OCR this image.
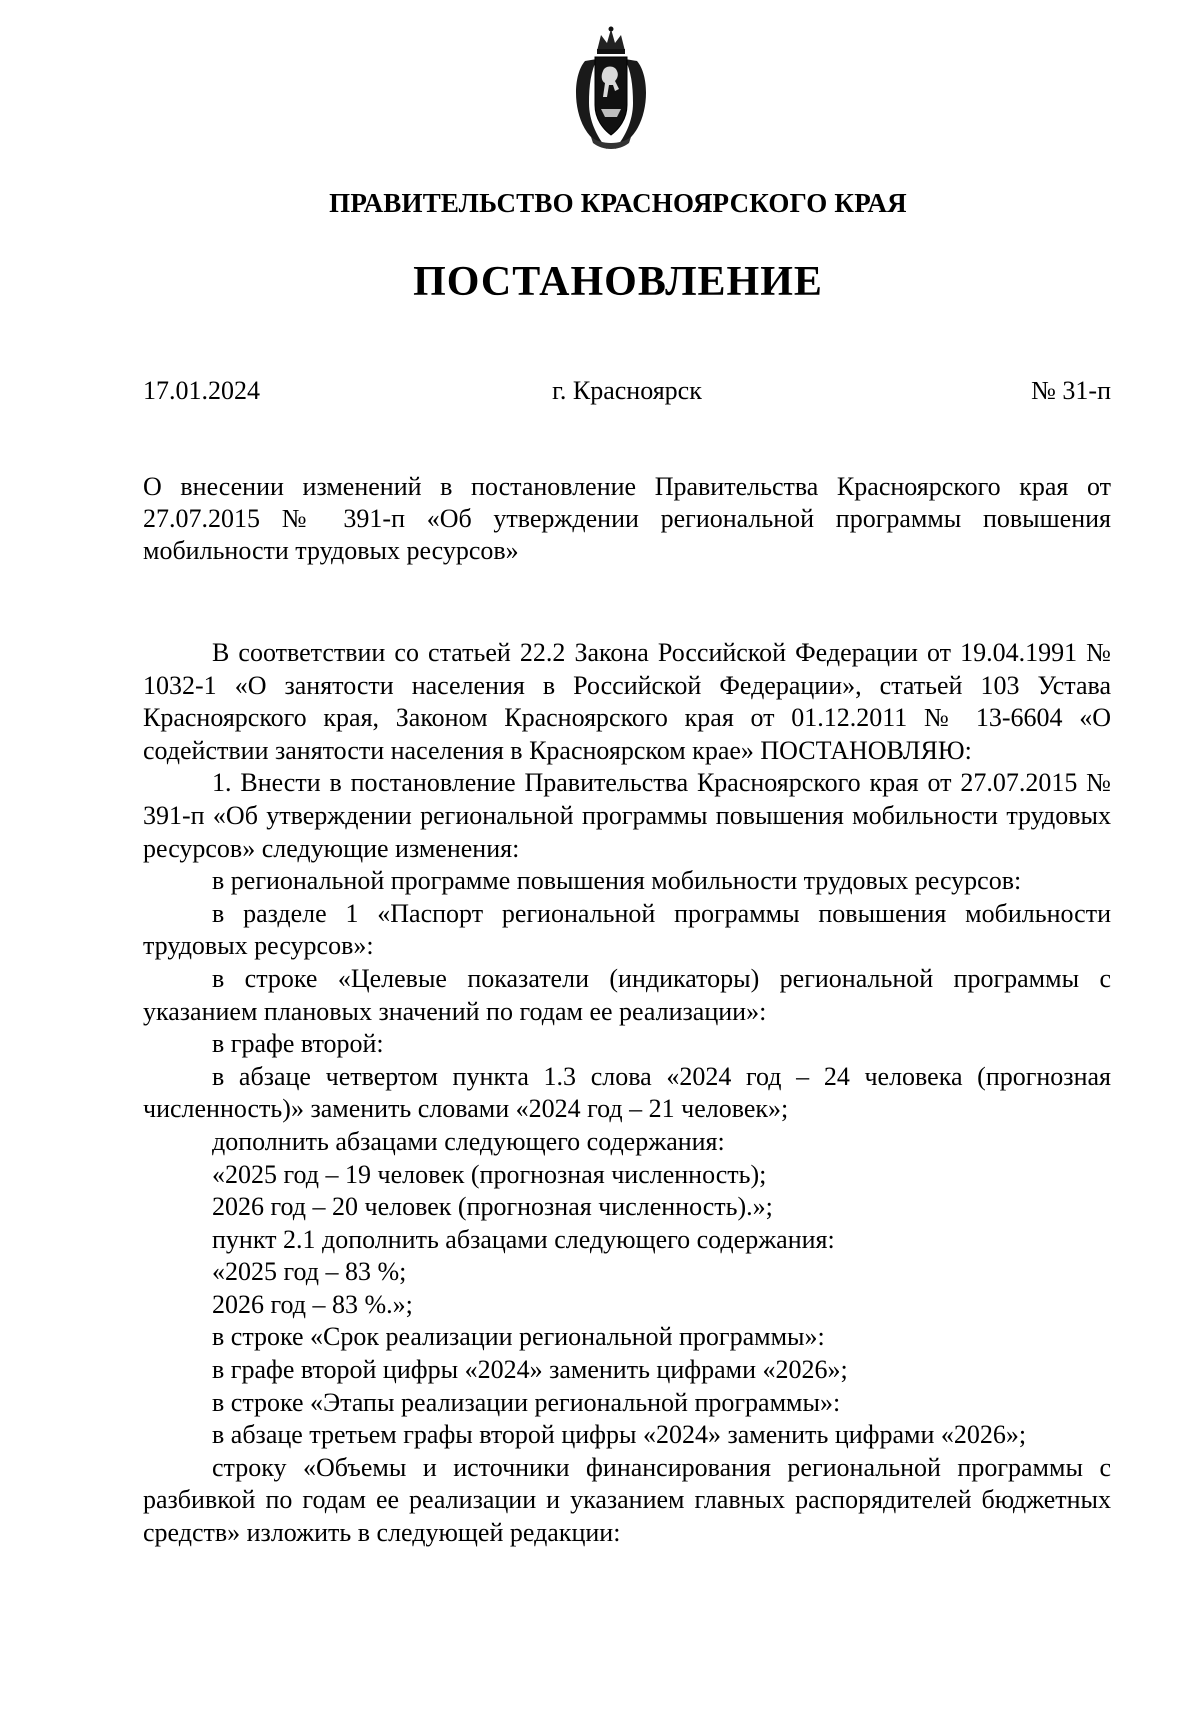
ПРАВИТЕЛЬСТВО КРАСНОЯРСКОГО КРАЯ
ПОСТАНОВЛЕНИЕ
г. Красноярск
17.01.2024	№ 31-п
О внесении изменений в постановление Правительства Красноярского края от 27.07.2015 № 391-п «Об утверждении региональной программы повышения мобильности трудовых ресурсов»

В соответствии со статьей 22.2 Закона Российской Федерации от 19.04.1991 № 1032-1 «О занятости населения в Российской Федерации», статьей 103 Устава Красноярского края, Законом Красноярского края от 01.12.2011 № 13-6604 «О содействии занятости населения в Красноярском крае» ПОСТАНОВЛЯЮ:

1. Внести в постановление Правительства Красноярского края от 27.07.2015 № 391-п «Об утверждении региональной программы повышения мобильности трудовых ресурсов» следующие изменения:

в региональной программе повышения мобильности трудовых ресурсов:

в разделе 1 «Паспорт региональной программы повышения мобильности трудовых ресурсов»:

в строке «Целевые показатели (индикаторы) региональной программы с указанием плановых значений по годам ее реализации»:

в графе второй:

в абзаце четвертом пункта 1.3 слова «2024 год – 24 человека (прогнозная численность)» заменить словами «2024 год – 21 человек»;

дополнить абзацами следующего содержания:

«2025 год – 19 человек (прогнозная численность);

2026 год – 20 человек (прогнозная численность).»;

пункт 2.1 дополнить абзацами следующего содержания:

«2025 год – 83 %;

2026 год – 83 %.»;

в строке «Срок реализации региональной программы»:

в графе второй цифры «2024» заменить цифрами «2026»;

в строке «Этапы реализации региональной программы»:

в абзаце третьем графы второй цифры «2024» заменить цифрами «2026»;

строку «Объемы и источники финансирования региональной программы с разбивкой по годам ее реализации и указанием главных распорядителей бюджетных средств» изложить в следующей редакции:
